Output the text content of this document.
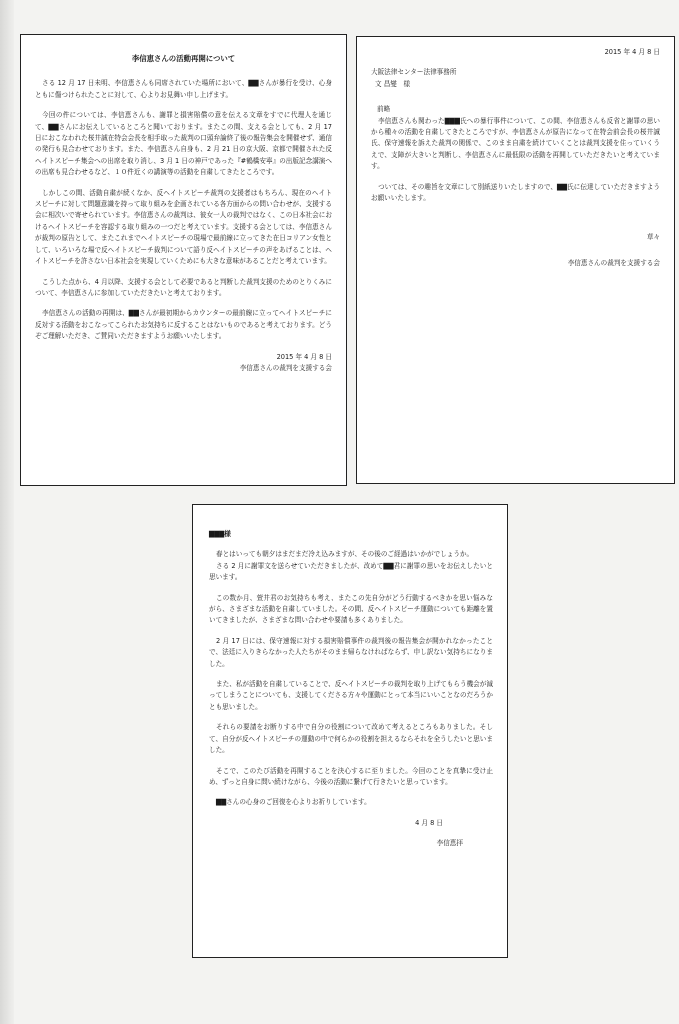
李信恵さんの活動再開について

さる 12 月 17 日未明、李信恵さんも同席されていた場所において、▇▇さんが暴行を受け、心身ともに傷つけられたことに対して、心よりお見舞い申し上げます。

今回の件については、李信恵さんも、謝罪と損害賠償の意を伝える文章をすでに代理人を通じて、▇▇さんにお伝えしているところと聞いております。またこの間、支える会としても、2 月 17 日におこなわれた桜井誠在特会会長を相手取った裁判の口頭弁論終了後の報告集会を開催せず、通信の発行も見合わせております。また、李信恵さん自身も、2 月 21 日の京大阪、京都で開催された反ヘイトスピーチ集会への出席を取り消し、3 月 1 日の神戸であった『#鶴橋安寧』の出版記念講演への出席も見合わせるなど、１０件近くの講演等の活動を自粛してきたところです。

しかしこの間、活動自粛が続くなか、反ヘイトスピーチ裁判の支援者はもちろん、現在のヘイトスピーチに対して問題意識を持って取り組みを企画されている各方面からの問い合わせが、支援する会に相次いで寄せられています。李信恵さんの裁判は、彼女一人の裁判ではなく、この日本社会におけるヘイトスピーチを容認する取り組みの一つだと考えています。支援する会としては、李信恵さんが裁判の原告として、またこれまでヘイトスピーチの現場で最前線に立ってきた在日コリアン女性として、いろいろな場で反ヘイトスピーチ裁判について語り反ヘイトスピーチの声をあげることは、ヘイトスピーチを許さない日本社会を実現していくためにも大きな意味があることだと考えています。

こうした点から、4 月以降、支援する会として必要であると判断した裁判支援のためのとりくみについて、李信恵さんに参加していただきたいと考えております。

李信恵さんの活動の再開は、▇▇さんが最初期からカウンターの最前線に立ってヘイトスピーチに反対する活動をおこなってこられたお気持ちに反することはないものであると考えております。どうぞご理解いただき、ご賛同いただきますようお願いいたします。

2015 年 4 月 8 日

李信恵さんの裁判を支援する会

2015 年 4 月 8 日

大阪法律センター法律事務所

文 昌燮　様

前略

李信恵さんも関わった▇▇▇氏への暴行事件について、この間、李信恵さんも反省と謝罪の思いから種々の活動を自粛してきたところですが、李信恵さんが原告になって在特会前会長の桜井誠氏、保守速報を訴えた裁判の関係で、このまま自粛を続けていくことは裁判支援を住っていくうえで、支障が大きいと判断し、李信恵さんに最低限の活動を再開していただきたいと考えています。

ついては、その趣旨を文章にして別紙送りいたしますので、▇▇氏に伝達していただきますようお願いいたします。

草々

李信恵さんの裁判を支援する会

▇▇▇様

春とはいっても朝夕はまだまだ冷え込みますが、その後のご経過はいかがでしょうか。

さる 2 月に謝罪文を送らせていただきましたが、改めて▇▇君に謝罪の思いをお伝えしたいと思います。

この数か月、萱井君のお気持ちも考え、またこの先自分がどう行動するべきかを思い悩みながら、さまざまな活動を自粛していました。その間、反ヘイトスピーチ運動についても距離を置いてきましたが、さまざまな問い合わせや要請も多くありました。

2 月 17 日には、保守速報に対する損害賠償事件の裁判後の報告集会が開かれなかったことで、法廷に入りきらなかった人たちがそのまま帰らなければならず、申し訳ない気持ちになりました。

また、私が活動を自粛していることで、反ヘイトスピーチの裁判を取り上げてもらう機会が減ってしまうことについても、支援してくださる方々や運動にとって本当にいいことなのだろうかとも思いました。

それらの要請をお断りする中で自分の役割について改めて考えるところもありました。そして、自分が反ヘイトスピーチの運動の中で何らかの役割を担えるならそれを全うしたいと思いました。

そこで、このたび活動を再開することを決心するに至りました。今回のことを真摯に受け止め、ずっと自身に問い続けながら、今後の活動に繋げて行きたいと思っています。

▇▇さんの心身のご回復を心よりお祈りしています。

4 月 8 日

李信恵拝
